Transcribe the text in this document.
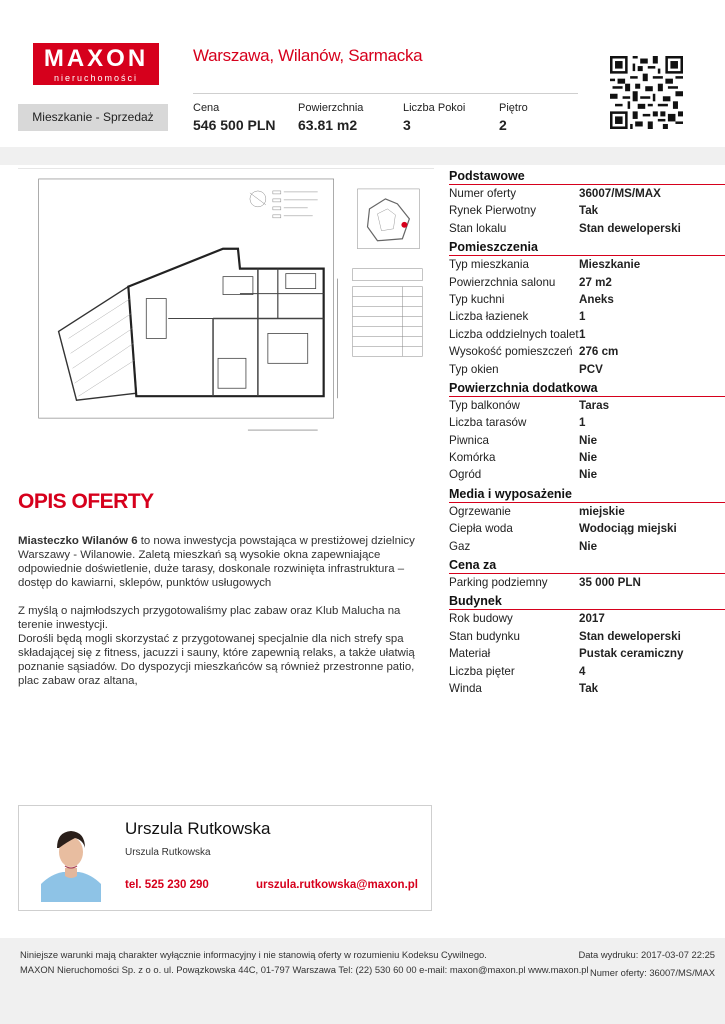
MAXON
nieruchomości
Warszawa, Wilanów, Sarmacka
Mieszkanie - Sprzedaż
Cena
546 500 PLN
Powierzchnia
63.81 m2
Liczba Pokoi
3
Piętro
2
OPIS OFERTY

Miasteczko Wilanów 6 to nowa inwestycja powstająca w prestiżowej dzielnicy Warszawy - Wilanowie. Zaletą mieszkań są wysokie okna zapewniające odpowiednie doświetlenie, duże tarasy, doskonale rozwinięta infrastruktura – dostęp do kawiarni, sklepów, punktów usługowych

Z myślą o najmłodszych przygotowaliśmy plac zabaw oraz Klub Malucha na terenie inwestycji.
Dorośli będą mogli skorzystać z przygotowanej specjalnie dla nich strefy spa składającej się z fitness, jacuzzi i sauny, które zapewnią relaks, a także ułatwią poznanie sąsiadów. Do dyspozycji mieszkańców są również przestronne patio, plac zabaw oraz altana,
Podstawowe
Numer oferty	36007/MS/MAX
Rynek Pierwotny	Tak
Stan lokalu	Stan deweloperski
Pomieszczenia
Typ mieszkania	Mieszkanie
Powierzchnia salonu	27 m2
Typ kuchni	Aneks
Liczba łazienek	1
Liczba oddzielnych toalet 1
Wysokość pomieszczeń 276 cm
Typ okien	PCV
Powierzchnia dodatkowa
Typ balkonów	Taras
Liczba tarasów	1
Piwnica	Nie
Komórka	Nie
Ogród	Nie
Media i wyposażenie
Ogrzewanie	miejskie
Ciepła woda	Wodociąg miejski
Gaz	Nie
Cena za
Parking podziemny	35 000 PLN
Budynek
Rok budowy	2017
Stan budynku	Stan deweloperski
Materiał	Pustak ceramiczny
Liczba pięter	4
Winda	Tak
Urszula Rutkowska
Urszula Rutkowska
tel. 525 230 290	urszula.rutkowska@maxon.pl
Niniejsze warunki mają charakter wyłącznie informacyjny i nie stanowią oferty w rozumieniu Kodeksu Cywilnego.
MAXON Nieruchomości Sp. z o o. ul. Powązkowska 44C, 01-797 Warszawa Tel: (22) 530 60 00 e-mail: maxon@maxon.pl www.maxon.pl
Data wydruku: 2017-03-07 22:25
Numer oferty: 36007/MS/MAX
